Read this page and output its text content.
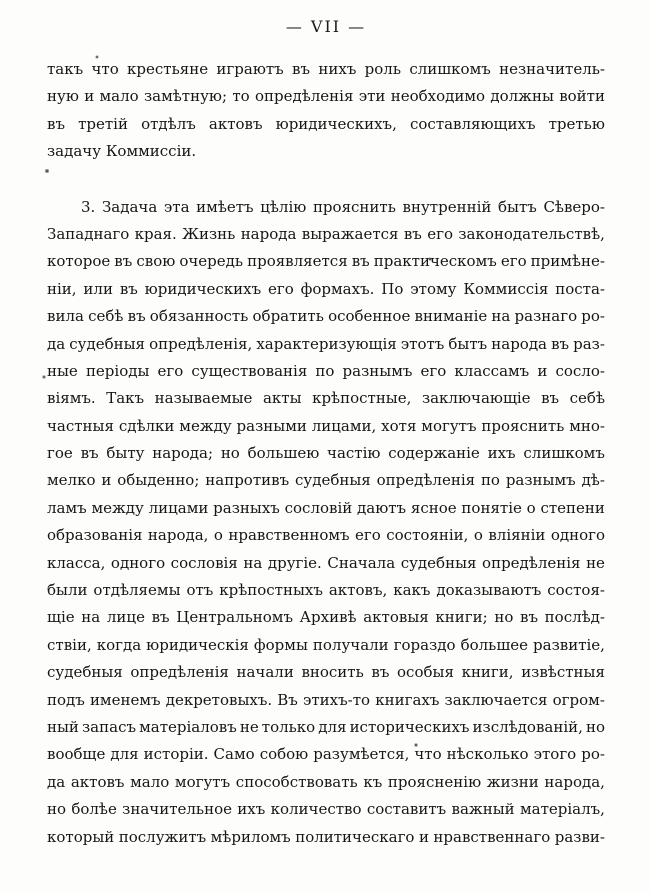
— VII —
такъ что крестьяне играютъ въ нихъ роль слишкомъ незначитель-
ную и мало замѣтную; то опредѣленія эти необходимо должны войти
въ третій отдѣлъ актовъ юридическихъ, составляющихъ третью
задачу Коммиссіи.
3. Задача эта имѣетъ цѣлію прояснить внутренній бытъ Сѣверо-
Западнаго края. Жизнь народа выражается въ его законодательствѣ,
которое въ свою очередь проявляется въ практическомъ его примѣне-
ніи, или въ юридическихъ его формахъ. По этому Коммиссія поста-
вила себѣ въ обязанность обратить особенное вниманіе на разнаго ро-
да судебныя опредѣленія, характеризующія этотъ бытъ народа въ раз-
ные періоды его существованія по разнымъ его классамъ и сосло-
віямъ. Такъ называемые акты крѣпостные, заключающіе въ себѣ
частныя сдѣлки между разными лицами, хотя могутъ прояснить мно-
гое въ быту народа; но большею частію содержаніе ихъ слишкомъ
мелко и обыденно; напротивъ судебныя опредѣленія по разнымъ дѣ-
ламъ между лицами разныхъ сословій даютъ ясное понятіе о степени
образованія народа, о нравственномъ его состояніи, о вліяніи одного
класса, одного сословія на другіе. Сначала судебныя опредѣленія не
были отдѣляемы отъ крѣпостныхъ актовъ, какъ доказываютъ состоя-
щіе на лице въ Центральномъ Архивѣ актовыя книги; но въ послѣд-
ствіи, когда юридическія формы получали гораздо большее развитіе,
судебныя опредѣленія начали вносить въ особыя книги, извѣстныя
подъ именемъ декретовыхъ. Въ этихъ-то книгахъ заключается огром-
ный запасъ матеріаловъ не только для историческихъ изслѣдованій, но
вообще для исторіи. Само собою разумѣется, что нѣсколько этого ро-
да актовъ мало могутъ способствовать къ проясненію жизни народа,
но болѣе значительное ихъ количество составитъ важный матеріалъ,
который послужитъ мѣриломъ политическаго и нравственнаго разви-
